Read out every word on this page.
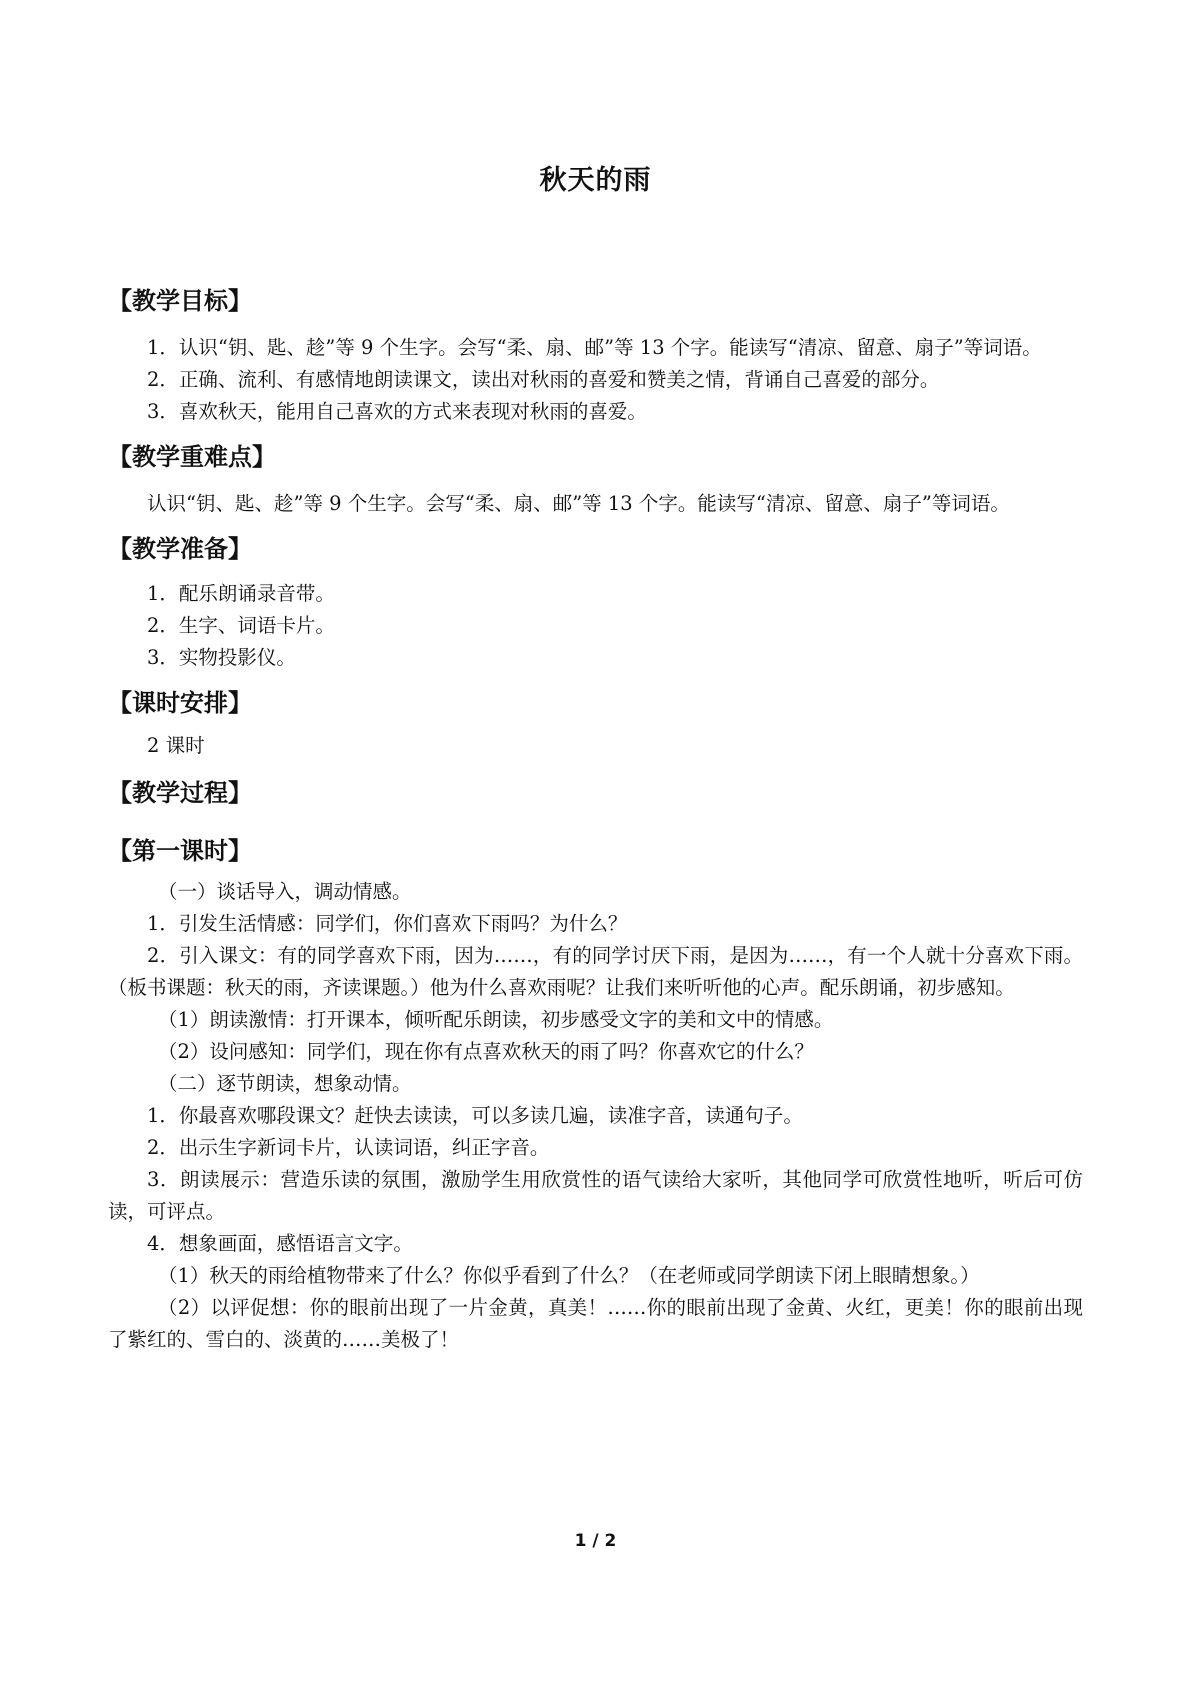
秋天的雨
【教学目标】

1．认识“钥、匙、趁”等 9 个生字。会写“柔、扇、邮”等 13 个字。能读写“清凉、留意、扇子”等词语。

2．正确、流利、有感情地朗读课文，读出对秋雨的喜爱和赞美之情，背诵自己喜爱的部分。

3．喜欢秋天，能用自己喜欢的方式来表现对秋雨的喜爱。

【教学重难点】

认识“钥、匙、趁”等 9 个生字。会写“柔、扇、邮”等 13 个字。能读写“清凉、留意、扇子”等词语。

【教学准备】

1．配乐朗诵录音带。

2．生字、词语卡片。

3．实物投影仪。

【课时安排】

2 课时

【教学过程】
【第一课时】

（一）谈话导入，调动情感。

1．引发生活情感：同学们，你们喜欢下雨吗？为什么？

2．引入课文：有的同学喜欢下雨，因为……，有的同学讨厌下雨，是因为……，有一个人就十分喜欢下雨。（板书课题：秋天的雨，齐读课题。）他为什么喜欢雨呢？让我们来听听他的心声。配乐朗诵，初步感知。

（1）朗读激情：打开课本，倾听配乐朗读，初步感受文字的美和文中的情感。

（2）设问感知：同学们，现在你有点喜欢秋天的雨了吗？你喜欢它的什么？

（二）逐节朗读，想象动情。

1．你最喜欢哪段课文？赶快去读读，可以多读几遍，读准字音，读通句子。

2．出示生字新词卡片，认读词语，纠正字音。

3．朗读展示：营造乐读的氛围，激励学生用欣赏性的语气读给大家听，其他同学可欣赏性地听，听后可仿读，可评点。

4．想象画面，感悟语言文字。

（1）秋天的雨给植物带来了什么？你似乎看到了什么？（在老师或同学朗读下闭上眼睛想象。）

（2）以评促想：你的眼前出现了一片金黄，真美！……你的眼前出现了金黄、火红，更美！你的眼前出现了紫红的、雪白的、淡黄的……美极了！

1 / 2
